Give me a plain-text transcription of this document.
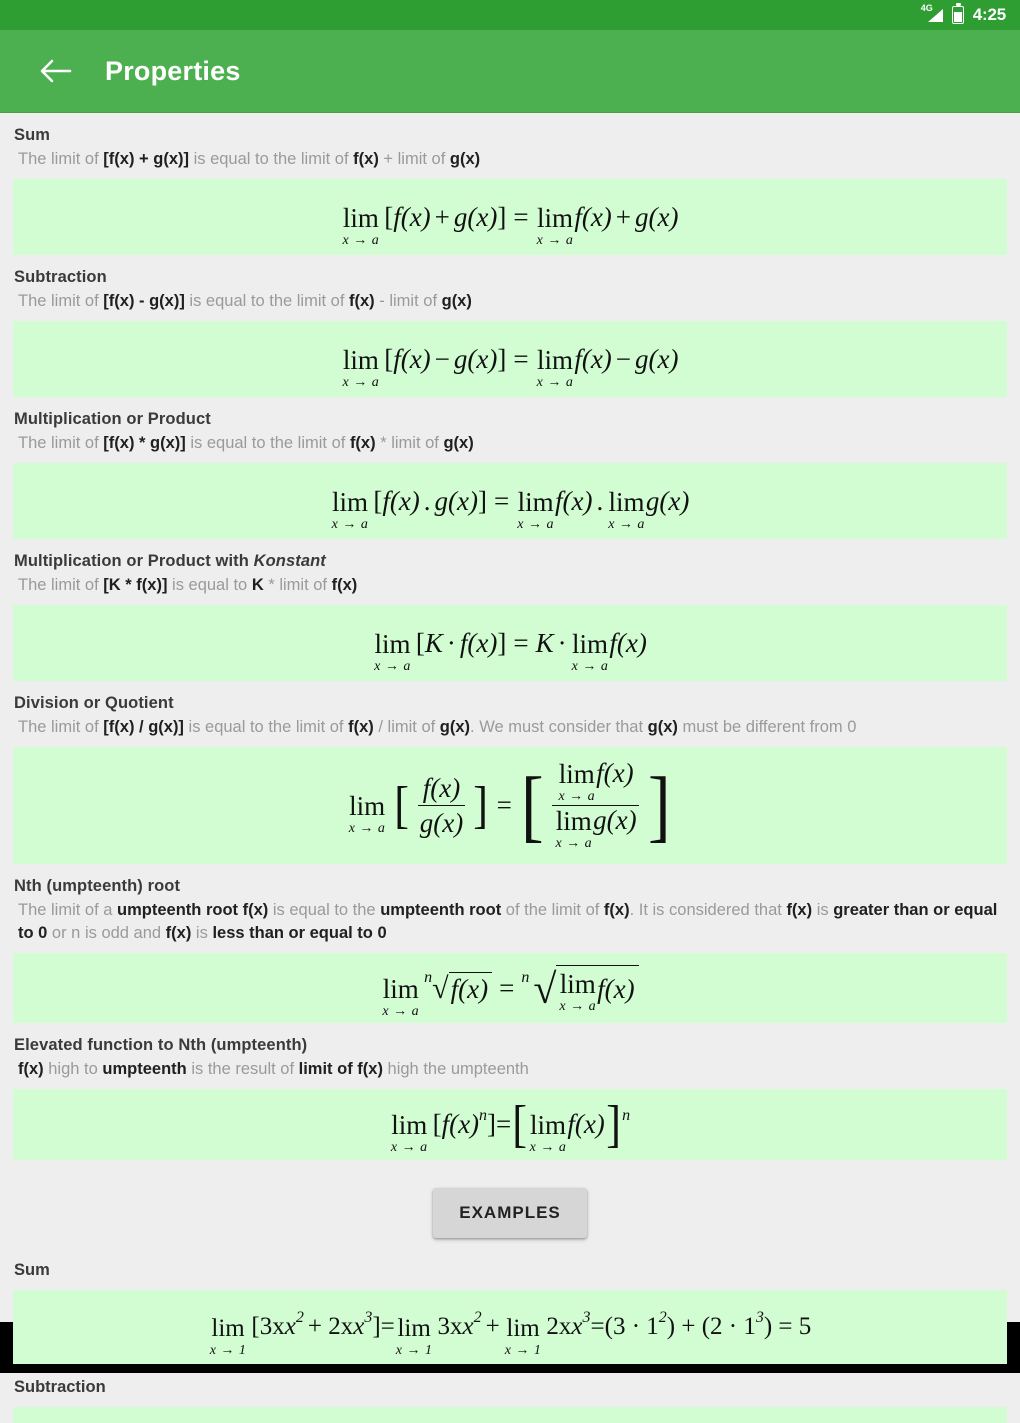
4G 4:25
Properties
Sum
The limit of [f(x) + g(x)] is equal to the limit of f(x) + limit of g(x)
lim
x → a
[ f(x) + g(x) ] = lim
x → a
f(x) + g(x)
Subtraction
The limit of [f(x) - g(x)] is equal to the limit of f(x) - limit of g(x)
lim
x → a
[ f(x) − g(x) ] = lim
x → a
f(x) − g(x)
Multiplication or Product
The limit of [f(x) * g(x)] is equal to the limit of f(x) * limit of g(x)
lim
x → a
[ f(x) . g(x) ] = lim
x → a
f(x) . lim
x → a
g(x)
Multiplication or Product with Konstant
The limit of [K * f(x)] is equal to K * limit of f(x)
lim
x → a
[ K · f(x) ] = K · lim
x → a
f(x)
Division or Quotient
The limit of [f(x) / g(x)] is equal to the limit of f(x) / limit of g(x). We must consider that g(x) must be different from 0
lim
x → a [ $\frac{f(x)}{g(x)}$ ] = [ lim
x → a
f(x)
lim
x → a
g(x) ]
Nth (umpteenth) root
The limit of a umpteenth root f(x) is equal to the umpteenth root of the limit of f(x). It is considered that f(x) is greater than or equal to 0 or n is odd and f(x) is less than or equal to 0
lim
x → a
n √ f(x) = n √ lim
x → a
f(x)
Elevated function to Nth (umpteenth)
f(x) high to umpteenth is the result of limit of f(x) high the umpteenth
lim
x → a
[ f(x) n ] = [ lim
x → a
f(x) ] n
EXAMPLES
Sum
lim
x → 1
[3x x 2 + 2x x 3 ] = lim
x → 1
3x x 2 + lim
x → 1
2x x 3 =(3 · 1 2 ) + (2 · 1 3 ) = 5
Subtraction
